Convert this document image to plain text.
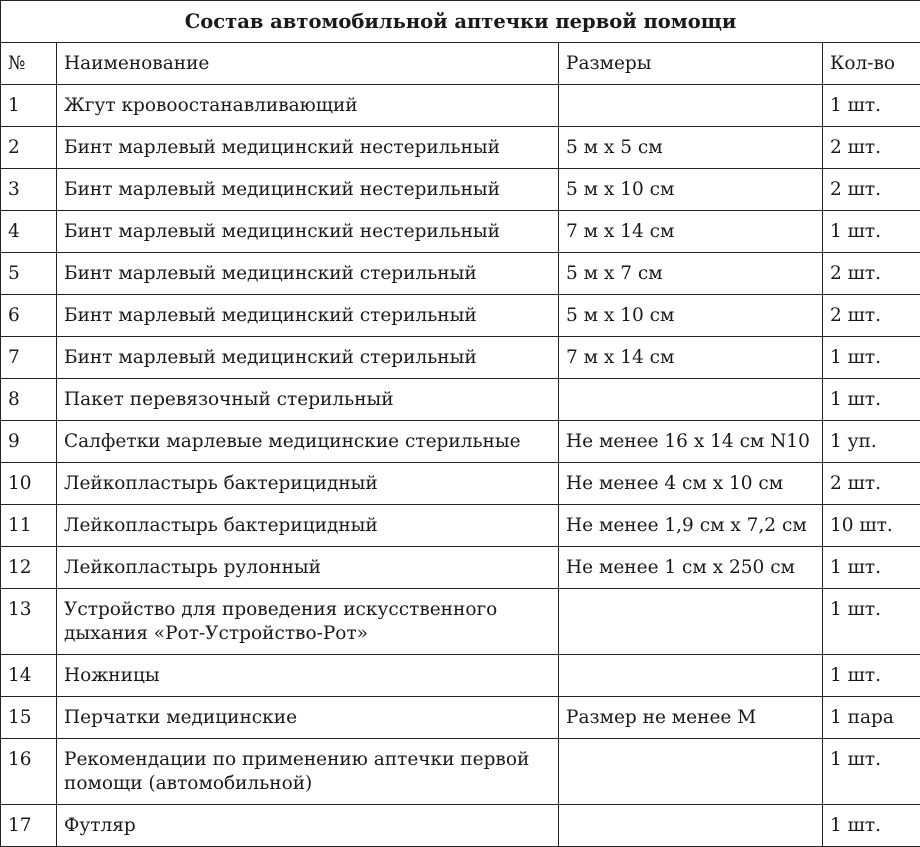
Состав автомобильной аптечки первой помощи			
№	Наименование	Размеры	Кол-во
1	Жгут кровоостанавливающий		1 шт.
2	Бинт марлевый медицинский нестерильный	5 м х 5 см	2 шт.
3	Бинт марлевый медицинский нестерильный	5 м х 10 см	2 шт.
4	Бинт марлевый медицинский нестерильный	7 м х 14 см	1 шт.
5	Бинт марлевый медицинский стерильный	5 м х 7 см	2 шт.
6	Бинт марлевый медицинский стерильный	5 м х 10 см	2 шт.
7	Бинт марлевый медицинский стерильный	7 м х 14 см	1 шт.
8	Пакет перевязочный стерильный		1 шт.
9	Салфетки марлевые медицинские стерильные	Не менее 16 х 14 см N10	1 уп.
10	Лейкопластырь бактерицидный	Не менее 4 см х 10 см	2 шт.
11	Лейкопластырь бактерицидный	Не менее 1,9 см х 7,2 см	10 шт.
12	Лейкопластырь рулонный	Не менее 1 см х 250 см	1 шт.
13	Устройство для проведения искусственного дыхания «Рот-Устройство-Рот»		1 шт.
14	Ножницы		1 шт.
15	Перчатки медицинские	Размер не менее М	1 пара
16	Рекомендации по применению аптечки первой помощи (автомобильной)		1 шт.
17	Футляр		1 шт.
